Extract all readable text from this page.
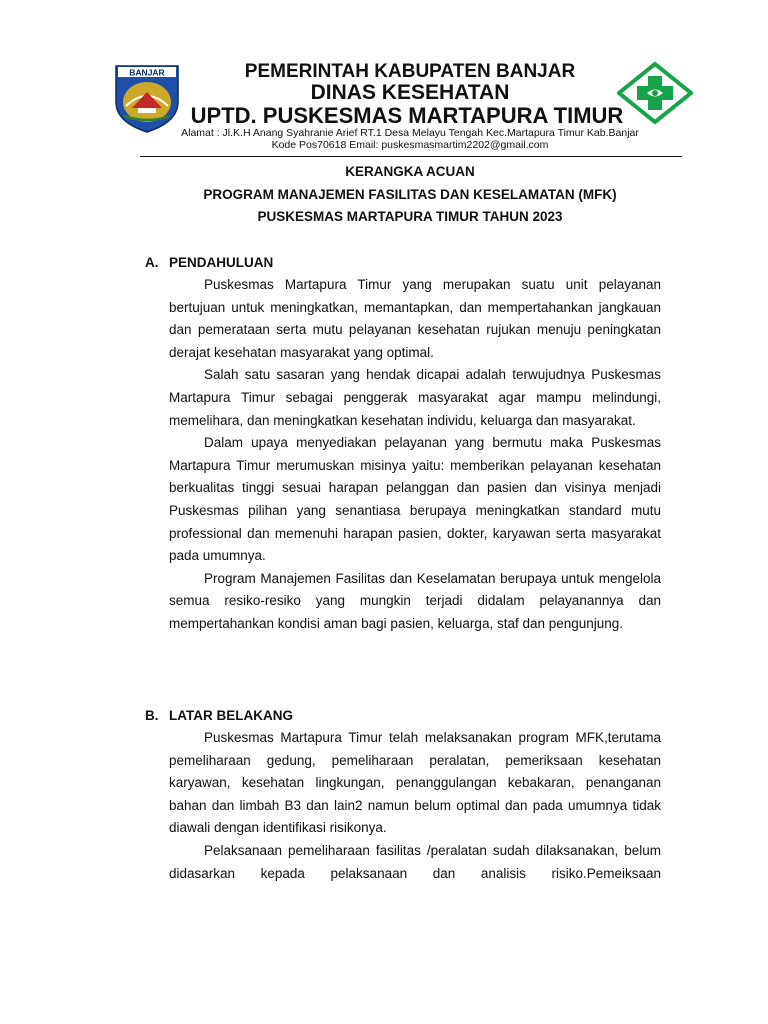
BANJAR	PEMERINTAH KABUPATEN BANJAR
DINAS KESEHATAN
UPTD. PUSKESMAS MARTAPURA TIMUR
Alamat : Jl.K.H Anang Syahranie Arief RT.1 Desa Melayu Tengah Kec.Martapura Timur Kab.Banjar
Kode Pos70618 Email: puskesmasmartim2202@gmail.com
KERANGKA ACUAN
PROGRAM MANAJEMEN FASILITAS DAN KESELAMATAN (MFK)
PUSKESMAS MARTAPURA TIMUR TAHUN 2023
A. PENDAHULUAN

Puskesmas Martapura Timur yang merupakan suatu unit pelayanan bertujuan untuk meningkatkan, memantapkan, dan mempertahankan jangkauan dan pemerataan serta mutu pelayanan kesehatan rujukan menuju peningkatan derajat kesehatan masyarakat yang optimal.

Salah satu sasaran yang hendak dicapai adalah terwujudnya Puskesmas Martapura Timur sebagai penggerak masyarakat agar mampu melindungi, memelihara, dan meningkatkan kesehatan individu, keluarga dan masyarakat.

Dalam upaya menyediakan pelayanan yang bermutu maka Puskesmas Martapura Timur merumuskan misinya yaitu: memberikan pelayanan kesehatan berkualitas tinggi sesuai harapan pelanggan dan pasien dan visinya menjadi Puskesmas pilihan yang senantiasa berupaya meningkatkan standard mutu professional dan memenuhi harapan pasien, dokter, karyawan serta masyarakat pada umumnya.

Program Manajemen Fasilitas dan Keselamatan berupaya untuk mengelola semua resiko-resiko yang mungkin terjadi didalam pelayanannya dan mempertahankan kondisi aman bagi pasien, keluarga, staf dan pengunjung.

B. LATAR BELAKANG

Puskesmas Martapura Timur telah melaksanakan program MFK,terutama pemeliharaan gedung, pemeliharaan peralatan, pemeriksaan kesehatan karyawan, kesehatan lingkungan, penanggulangan kebakaran, penanganan bahan dan limbah B3 dan lain2 namun belum optimal dan pada umumnya tidak diawali dengan identifikasi risikonya.

Pelaksanaan pemeliharaan fasilitas /peralatan sudah dilaksanakan, belum didasarkan kepada pelaksanaan dan analisis risiko.Pemeiksaan
